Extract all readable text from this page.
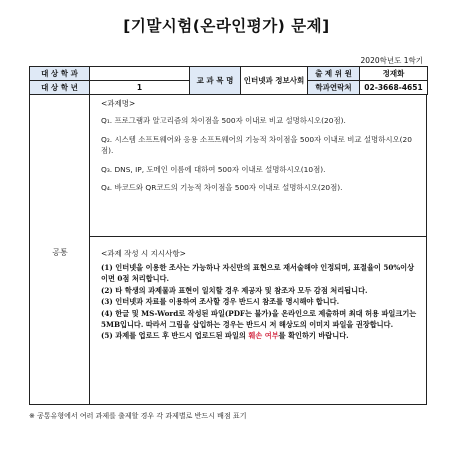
[기말시험(온라인평가) 문제]
2020학년도 1학기
대 상 학 과		교 과 목 명	인터넷과 정보사회	출 제 위 원	정재화
대 상 학 년	1			학과연락처	02-3668-4651
공통
<과제명>
Q₁. 프로그램과 알고리즘의 차이점을 500자 이내로 비교 설명하시오(20점).
Q₂. 시스템 소프트웨어와 응용 소프트웨어의 기능적 차이점을 500자 이내로 비교 설명하시오(20점).
Q₃. DNS, IP, 도메인 이름에 대하여 500자 이내로 설명하시오(10점).
Q₄. 바코드와 QR코드의 기능적 차이점을 500자 이내로 설명하시오(20점).
<과제 작성 시 지시사항>
(1) 인터넷을 이용한 조사는 가능하나 자신만의 표현으로 재서술해야 인정되며, 표절율이 50%이상이면 0점 처리합니다.
(2) 타 학생의 과제물과 표현이 일치할 경우 제공자 및 참조자 모두 감점 처리됩니다.
(3) 인터넷과 자료를 이용하여 조사할 경우 반드시 참조를 명시해야 합니다.
(4) 한글 및 MS-Word로 작성된 파일(PDF는 불가)을 온라인으로 제출하며 최대 허용 파일크기는 5MB입니다. 따라서 그림을 삽입하는 경우는 반드시 저 해상도의 이미지 파일을 권장합니다.
(5) 과제를 업로드 후 반드시 업로드된 파일의 훼손 여부를 확인하기 바랍니다.
※ 공통유형에서 여러 과제를 출제할 경우 각 과제별로 반드시 배점 표기
